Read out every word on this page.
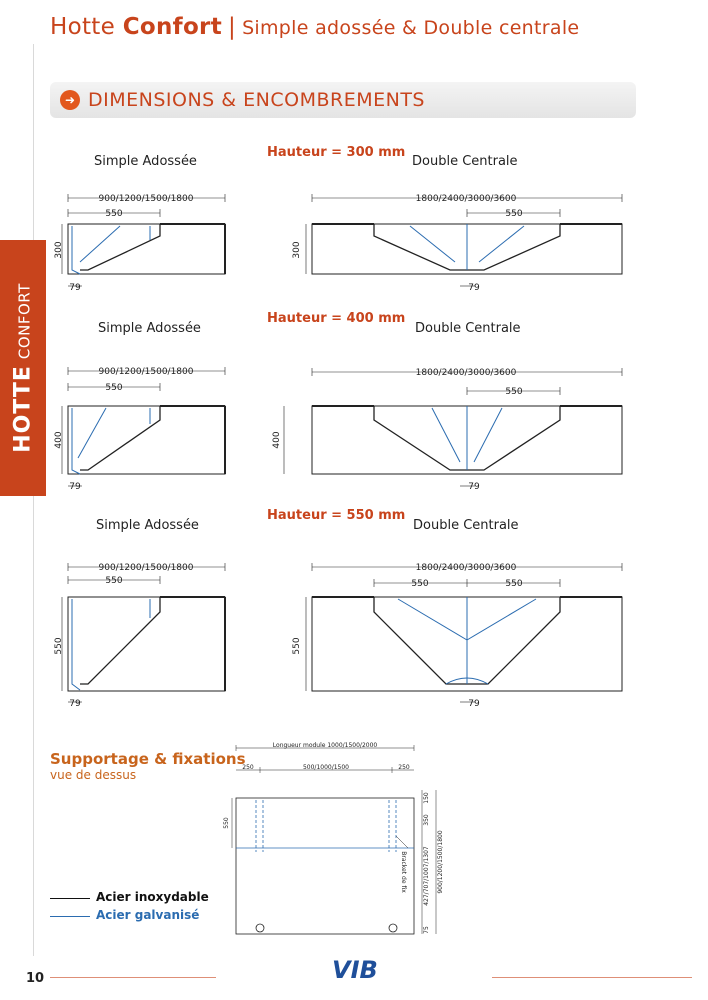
Hotte Confort | Simple adossée & Double centrale
➜ DIMENSIONS & ENCOMBREMENTS
HOTTECONFORT
Hauteur = 300 mm
Simple Adossée	Double Centrale
Hauteur = 400 mm
Simple Adossée	Double Centrale
Hauteur = 550 mm
Simple Adossée	Double Centrale
300
900/1200/1500/1800
550
79
300
1800/2400/3000/3600
550
79
400
900/1200/1500/1800
550
79
400
1800/2400/3000/3600
550
79
550
900/1200/1500/1800
550
79
550
1800/2400/3000/3600
550	550
79
Longueur module 1000/1500/2000
250	500/1000/1500	250
550
150
350
427/707/1007/1307 900/1200/1500/1800
75
Bracket de fix
Supportage & fixations
vue de dessus
Acier inoxydable
Acier galvanisé
10	VIB
